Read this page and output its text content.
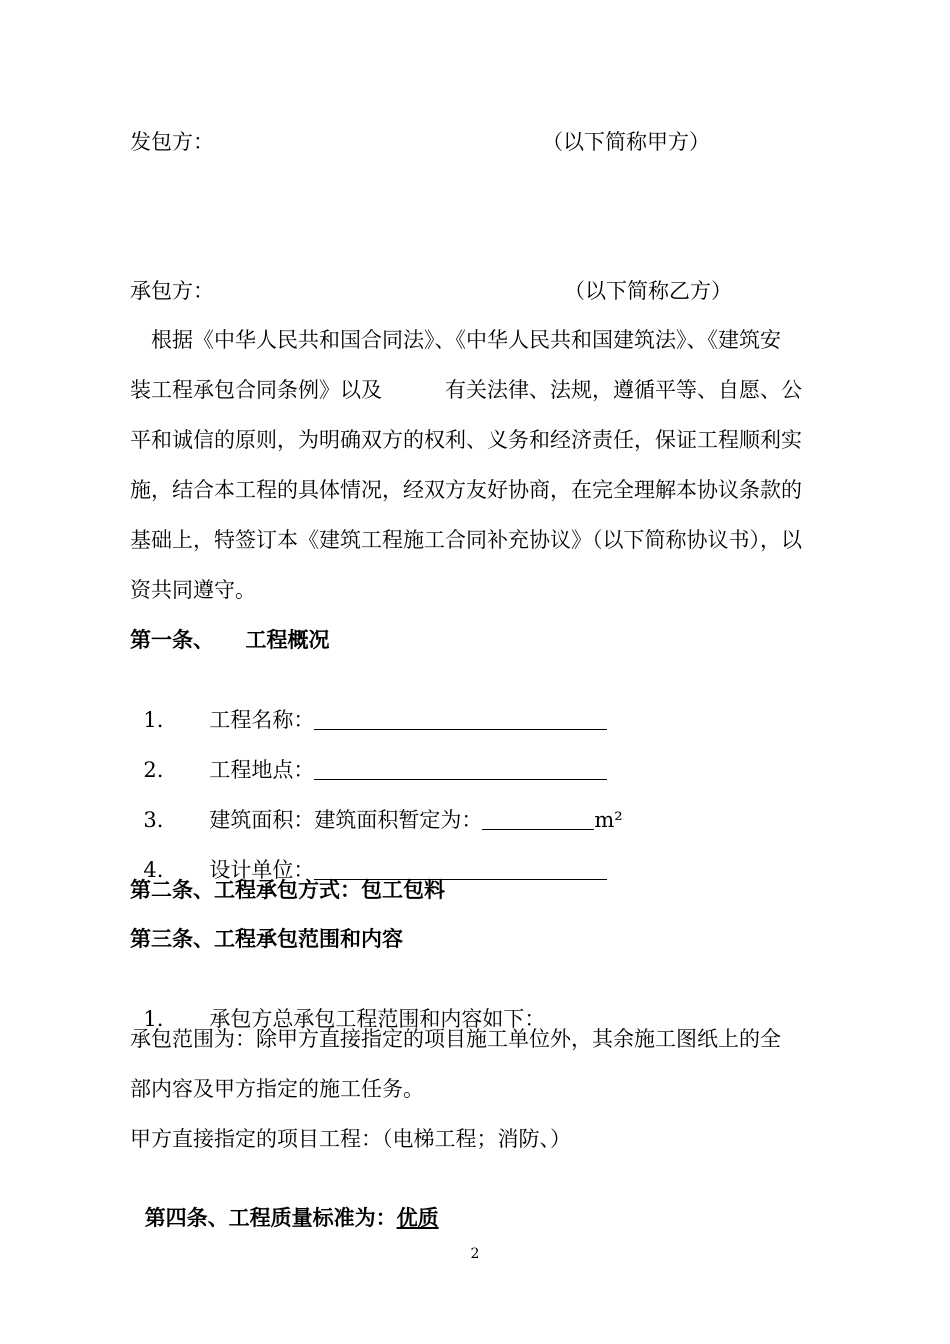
发包方：	（以下简称甲方）
承包方：	（以下简称乙方）
　根据《中华人民共和国合同法》、《中华人民共和国建筑法》、《建筑安
装工程承包合同条例》以及　　　有关法律、法规，遵循平等、自愿、公
平和诚信的原则，为明确双方的权利、义务和经济责任，保证工程顺利实
施，结合本工程的具体情况，经双方友好协商，在完全理解本协议条款的
基础上，特签订本《建筑工程施工合同补充协议》（以下简称协议书），以
资共同遵守。
第一条、　　工程概况

1. 工程名称：

2. 工程地点：

3. 建筑面积：建筑面积暂定为：	m²

4. 设计单位：

第二条、工程承包方式：包工包料
第三条、工程承包范围和内容

1. 承包方总承包工程范围和内容如下：

承包范围为：除甲方直接指定的项目施工单位外，其余施工图纸上的全
部内容及甲方指定的施工任务。
甲方直接指定的项目工程：（电梯工程；消防、）

第四条、工程质量标准为：优质

2
